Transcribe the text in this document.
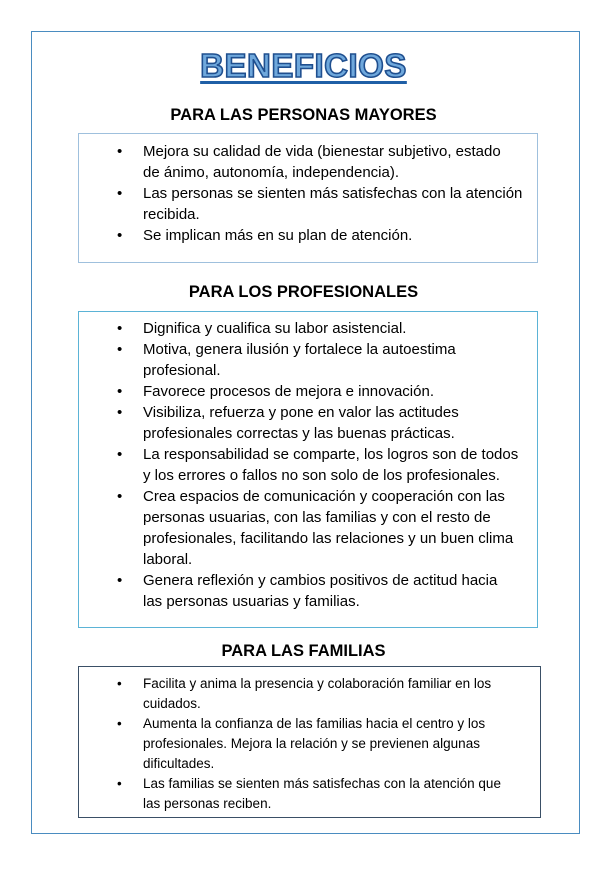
BENEFICIOS
PARA LAS PERSONAS MAYORES
• Mejora su calidad de vida (bienestar subjetivo, estado
de ánimo, autonomía, independencia).
• Las personas se sienten más satisfechas con la atención
recibida.
• Se implican más en su plan de atención.
PARA LOS PROFESIONALES
• Dignifica y cualifica su labor asistencial.
• Motiva, genera ilusión y fortalece la autoestima
profesional.
• Favorece procesos de mejora e innovación.
• Visibiliza, refuerza y pone en valor las actitudes
profesionales correctas y las buenas prácticas.
• La responsabilidad se comparte, los logros son de todos
y los errores o fallos no son solo de los profesionales.
• Crea espacios de comunicación y cooperación con las
personas usuarias, con las familias y con el resto de
profesionales, facilitando las relaciones y un buen clima
laboral.
• Genera reflexión y cambios positivos de actitud hacia
las personas usuarias y familias.
PARA LAS FAMILIAS
• Facilita y anima la presencia y colaboración familiar en los
cuidados.
• Aumenta la confianza de las familias hacia el centro y los
profesionales. Mejora la relación y se previenen algunas
dificultades.
• Las familias se sienten más satisfechas con la atención que
las personas reciben.
